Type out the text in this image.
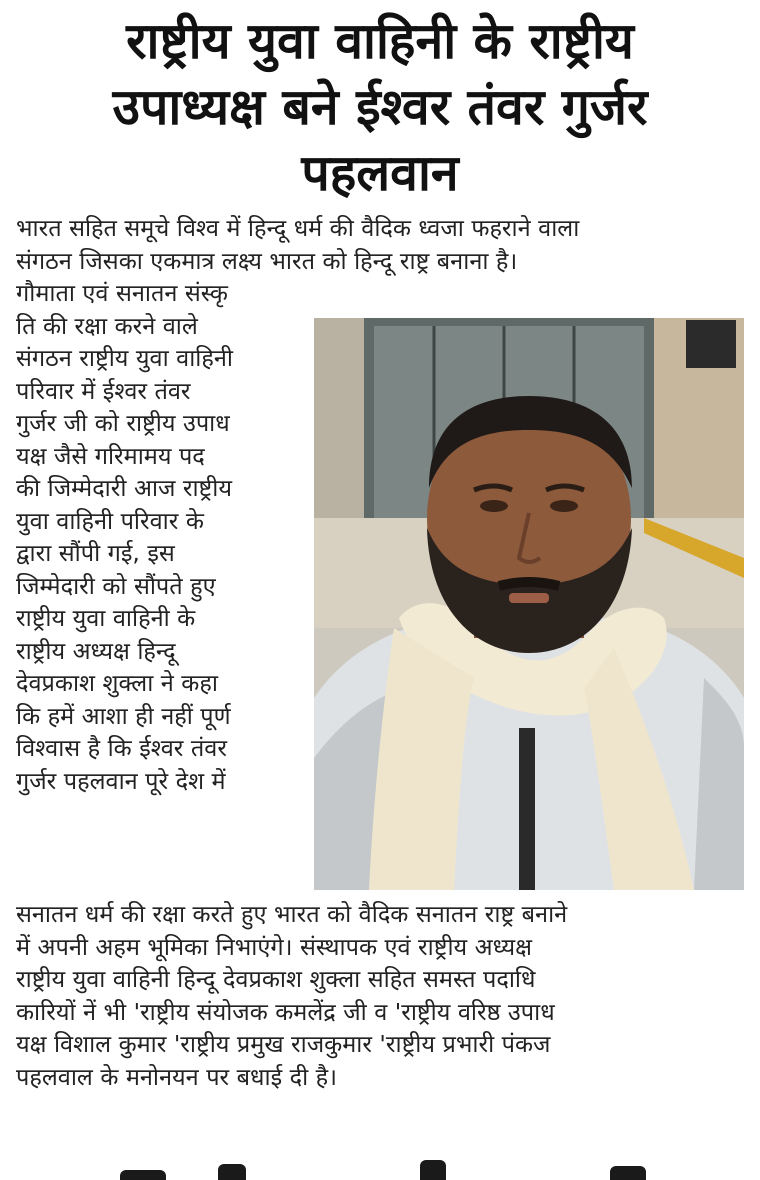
राष्ट्रीय युवा वाहिनी के राष्ट्रीय
उपाध्यक्ष बने ईश्वर तंवर गुर्जर
पहलवान
भारत सहित समूचे विश्व में हिन्दू धर्म की वैदिक ध्वजा फहराने वाला
संगठन जिसका एकमात्र लक्ष्य भारत को हिन्दू राष्ट्र बनाना है।
गौमाता एवं सनातन संस्कृ
ति की रक्षा करने वाले
संगठन राष्ट्रीय युवा वाहिनी
परिवार में ईश्वर तंवर
गुर्जर जी को राष्ट्रीय उपाध
यक्ष जैसे गरिमामय पद
की जिम्मेदारी आज राष्ट्रीय
युवा वाहिनी परिवार के
द्वारा सौंपी गई, इस
जिम्मेदारी को सौंपते हुए
राष्ट्रीय युवा वाहिनी के
राष्ट्रीय अध्यक्ष हिन्दू
देवप्रकाश शुक्ला ने कहा
कि हमें आशा ही नहीं पूर्ण
विश्वास है कि ईश्वर तंवर
गुर्जर पहलवान पूरे देश में
सनातन धर्म की रक्षा करते हुए भारत को वैदिक सनातन राष्ट्र बनाने
में अपनी अहम भूमिका निभाएंगे। संस्थापक एवं राष्ट्रीय अध्यक्ष
राष्ट्रीय युवा वाहिनी हिन्दू देवप्रकाश शुक्ला सहित समस्त पदाधि
कारियों नें भी 'राष्ट्रीय संयोजक कमलेंद्र जी व 'राष्ट्रीय वरिष्ठ उपाध
यक्ष विशाल कुमार 'राष्ट्रीय प्रमुख राजकुमार 'राष्ट्रीय प्रभारी पंकज
पहलवाल के मनोनयन पर बधाई दी है।
